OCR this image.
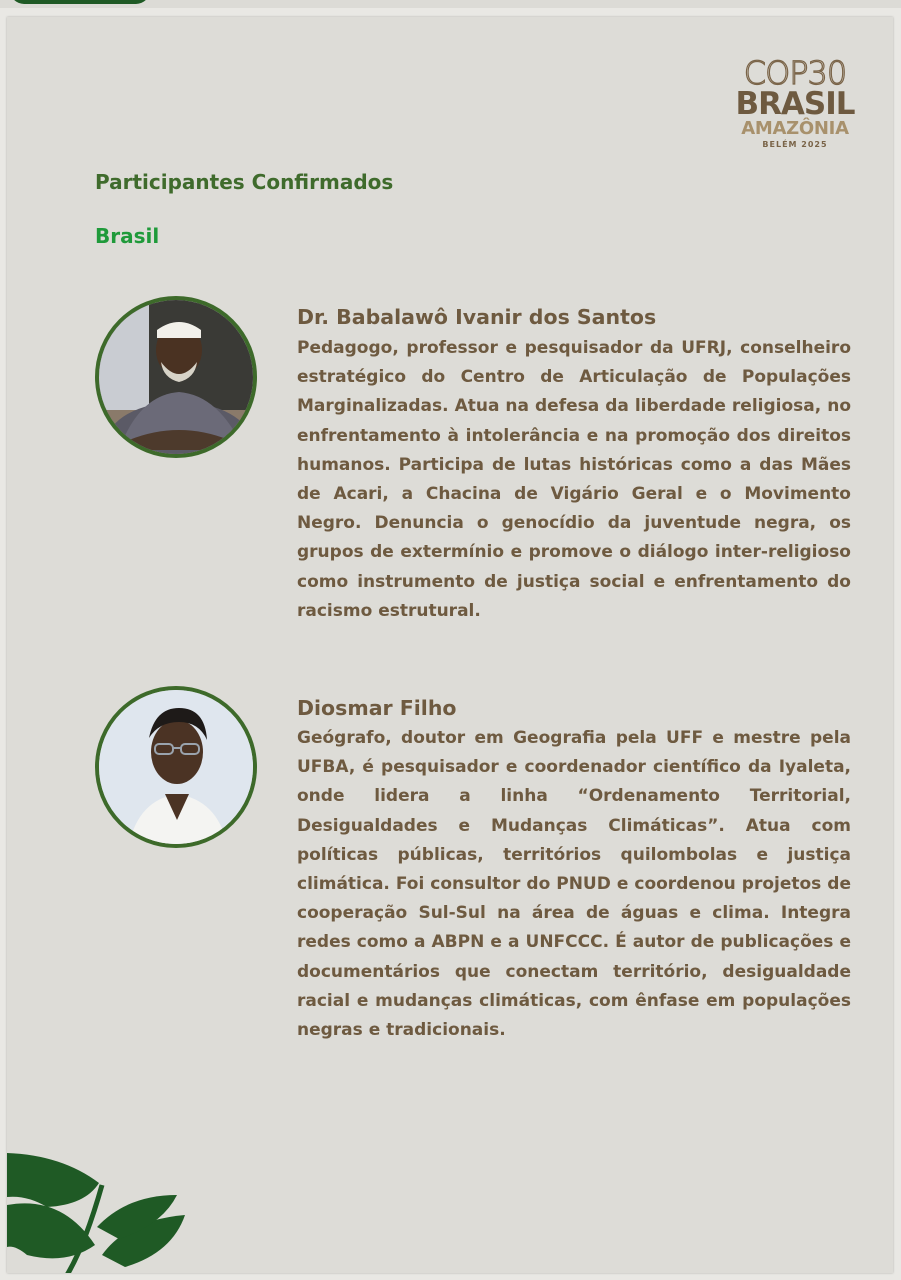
COP30
BRASIL
AMAZÔNIA
BELÉM 2025
Participantes Confirmados
Brasil
Dr. Babalawô Ivanir dos Santos

Pedagogo, professor e pesquisador da UFRJ, conselheiro estratégico do Centro de Articulação de Populações Marginalizadas. Atua na defesa da liberdade religiosa, no enfrentamento à intolerância e na promoção dos direitos humanos. Participa de lutas históricas como a das Mães de Acari, a Chacina de Vigário Geral e o Movimento Negro. Denuncia o genocídio da juventude negra, os grupos de extermínio e promove o diálogo inter-religioso como instrumento de justiça social e enfrentamento do racismo estrutural.

Diosmar Filho

Geógrafo, doutor em Geografia pela UFF e mestre pela UFBA, é pesquisador e coordenador científico da Iyaleta, onde lidera a linha “Ordenamento Territorial, Desigualdades e Mudanças Climáticas”. Atua com políticas públicas, territórios quilombolas e justiça climática. Foi consultor do PNUD e coordenou projetos de cooperação Sul-Sul na área de águas e clima. Integra redes como a ABPN e a UNFCCC. É autor de publicações e documentários que conectam território, desigualdade racial e mudanças climáticas, com ênfase em populações negras e tradicionais.
